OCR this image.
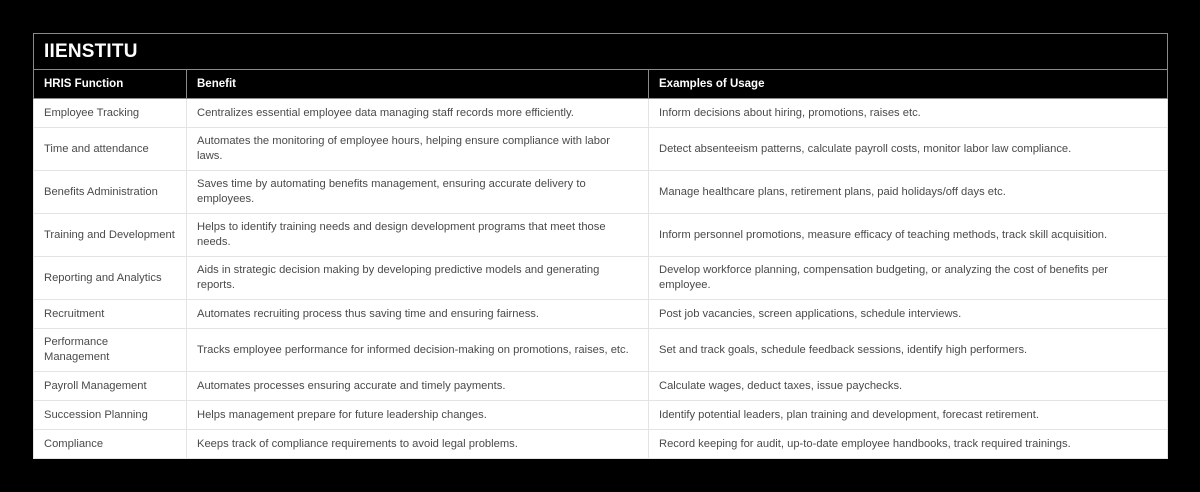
IIENSTITU		
HRIS Function	Benefit	Examples of Usage
Employee Tracking	Centralizes essential employee data managing staff records more efficiently.	Inform decisions about hiring, promotions, raises etc.
Time and attendance	Automates the monitoring of employee hours, helping ensure compliance with labor laws.	Detect absenteeism patterns, calculate payroll costs, monitor labor law compliance.
Benefits Administration	Saves time by automating benefits management, ensuring accurate delivery to employees.	Manage healthcare plans, retirement plans, paid holidays/off days etc.
Training and Development	Helps to identify training needs and design development programs that meet those needs.	Inform personnel promotions, measure efficacy of teaching methods, track skill acquisition.
Reporting and Analytics	Aids in strategic decision making by developing predictive models and generating reports.	Develop workforce planning, compensation budgeting, or analyzing the cost of benefits per employee.
Recruitment	Automates recruiting process thus saving time and ensuring fairness.	Post job vacancies, screen applications, schedule interviews.
Performance Management	Tracks employee performance for informed decision-making on promotions, raises, etc.	Set and track goals, schedule feedback sessions, identify high performers.
Payroll Management	Automates processes ensuring accurate and timely payments.	Calculate wages, deduct taxes, issue paychecks.
Succession Planning	Helps management prepare for future leadership changes.	Identify potential leaders, plan training and development, forecast retirement.
Compliance	Keeps track of compliance requirements to avoid legal problems.	Record keeping for audit, up-to-date employee handbooks, track required trainings.
